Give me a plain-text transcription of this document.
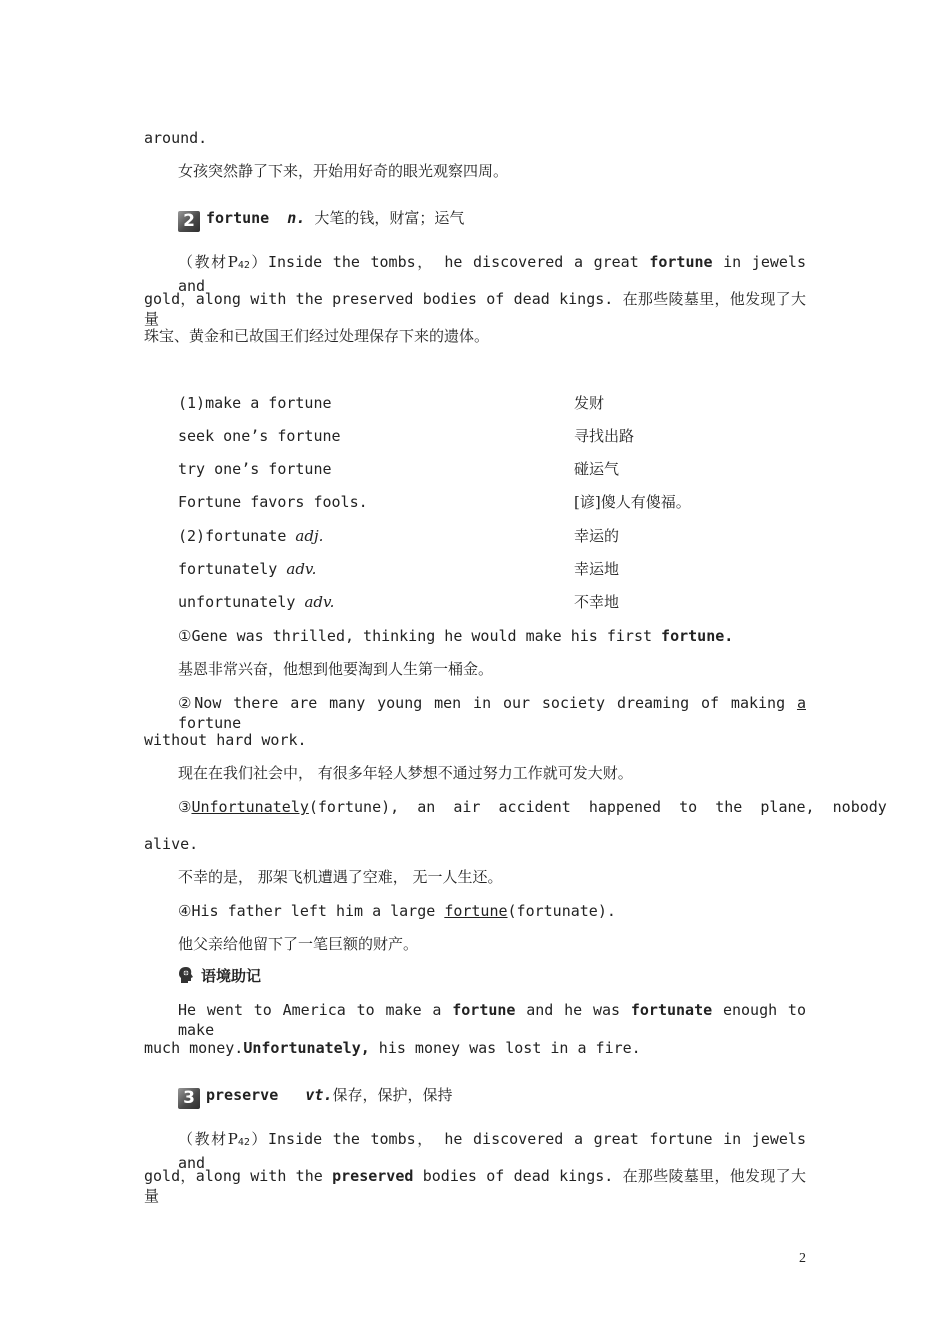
around.
女孩突然静了下来，开始用好奇的眼光观察四周。
2 fortune n. 大笔的钱，财富；运气
（教材P42）Inside the tombs， he discovered a great fortune in jewels and
gold，along with the preserved bodies of dead kings. 在那些陵墓里，他发现了大量
珠宝、黄金和已故国王们经过处理保存下来的遗体。
(1)make a fortune	发财
seek one’s fortune	寻找出路
try one’s fortune	碰运气
Fortune favors fools.	[谚]傻人有傻福。
(2)fortunate adj.	幸运的
fortunately adv.	幸运地
unfortunately adv.	不幸地
①Gene was thrilled, thinking he would make his first fortune.
基恩非常兴奋，他想到他要淘到人生第一桶金。
②Now there are many young men in our society dreaming of making a fortune
without hard work.
现在在我们社会中， 有很多年轻人梦想不通过努力工作就可发大财。
③Unfortunately(fortune),  an  air  accident  happened  to  the  plane,  nobody
alive.
不幸的是， 那架飞机遭遇了空难， 无一人生还。
④His father left him a large fortune(fortunate).
他父亲给他留下了一笔巨额的财产。
语境助记
He went to America to make a fortune and he was fortunate enough to make
much money.Unfortunately, his money was lost in a fire.
3 preserve vt.保存，保护，保持
（教材P42）Inside the tombs， he discovered a great fortune in jewels and
gold，along with the preserved bodies of dead kings. 在那些陵墓里，他发现了大量
2
